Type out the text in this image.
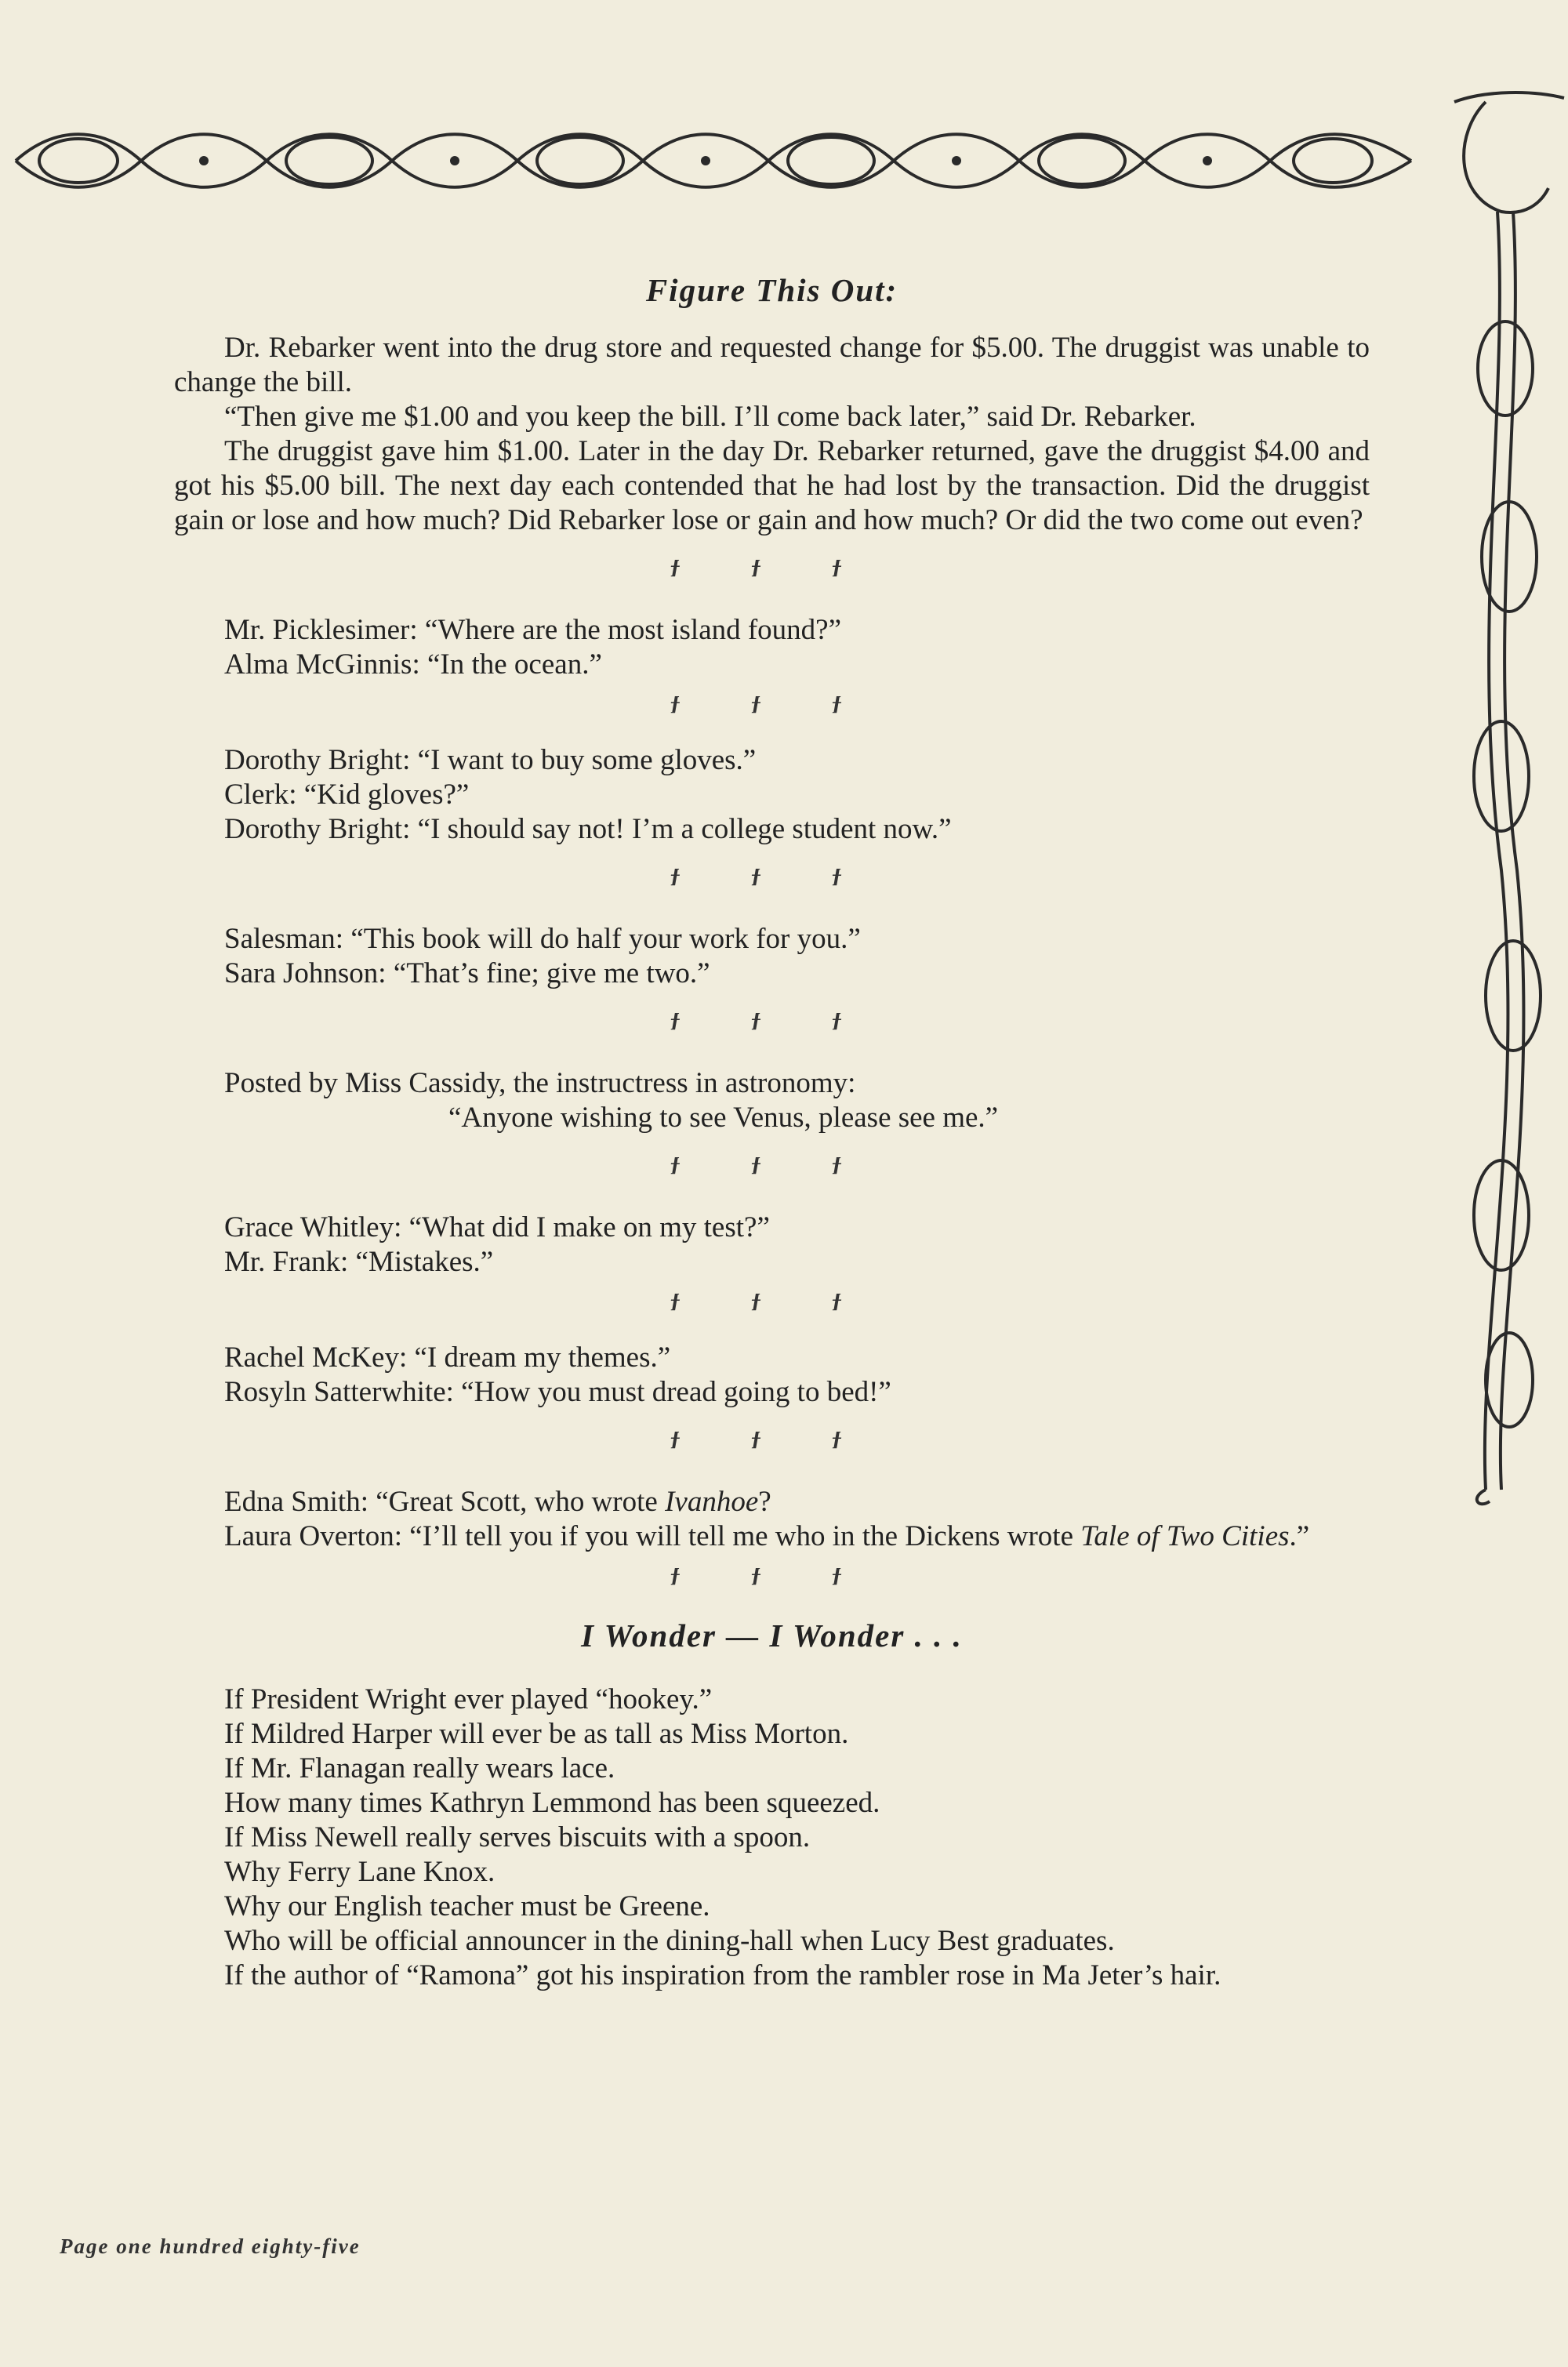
Figure This Out:

Dr. Rebarker went into the drug store and requested change for $5.00. The druggist was unable to change the bill.

“Then give me $1.00 and you keep the bill. I’ll come back later,” said Dr. Rebarker.

The druggist gave him $1.00. Later in the day Dr. Rebarker returned, gave the druggist $4.00 and got his $5.00 bill. The next day each contended that he had lost by the transaction. Did the druggist gain or lose and how much? Did Rebarker lose or gain and how much? Or did the two come out even?

ϯ ϯ ϯ

Mr. Picklesimer: “Where are the most island found?”

Alma McGinnis: “In the ocean.”

ϯ ϯ ϯ

Dorothy Bright: “I want to buy some gloves.”

Clerk: “Kid gloves?”

Dorothy Bright: “I should say not! I’m a college student now.”

ϯ ϯ ϯ

Salesman: “This book will do half your work for you.”

Sara Johnson: “That’s fine; give me two.”

ϯ ϯ ϯ

Posted by Miss Cassidy, the instructress in astronomy:

“Anyone wishing to see Venus, please see me.”

ϯ ϯ ϯ

Grace Whitley: “What did I make on my test?”

Mr. Frank: “Mistakes.”

ϯ ϯ ϯ

Rachel McKey: “I dream my themes.”

Rosyln Satterwhite: “How you must dread going to bed!”

ϯ ϯ ϯ

Edna Smith: “Great Scott, who wrote Ivanhoe?

Laura Overton: “I’ll tell you if you will tell me who in the Dickens wrote Tale of Two Cities.”

ϯ ϯ ϯ
I Wonder — I Wonder . . .

If President Wright ever played “hookey.”

If Mildred Harper will ever be as tall as Miss Morton.

If Mr. Flanagan really wears lace.

How many times Kathryn Lemmond has been squeezed.

If Miss Newell really serves biscuits with a spoon.

Why Ferry Lane Knox.

Why our English teacher must be Greene.

Who will be official announcer in the dining-hall when Lucy Best graduates.

If the author of “Ramona” got his inspiration from the rambler rose in Ma Jeter’s hair.

Page one hundred eighty-five
